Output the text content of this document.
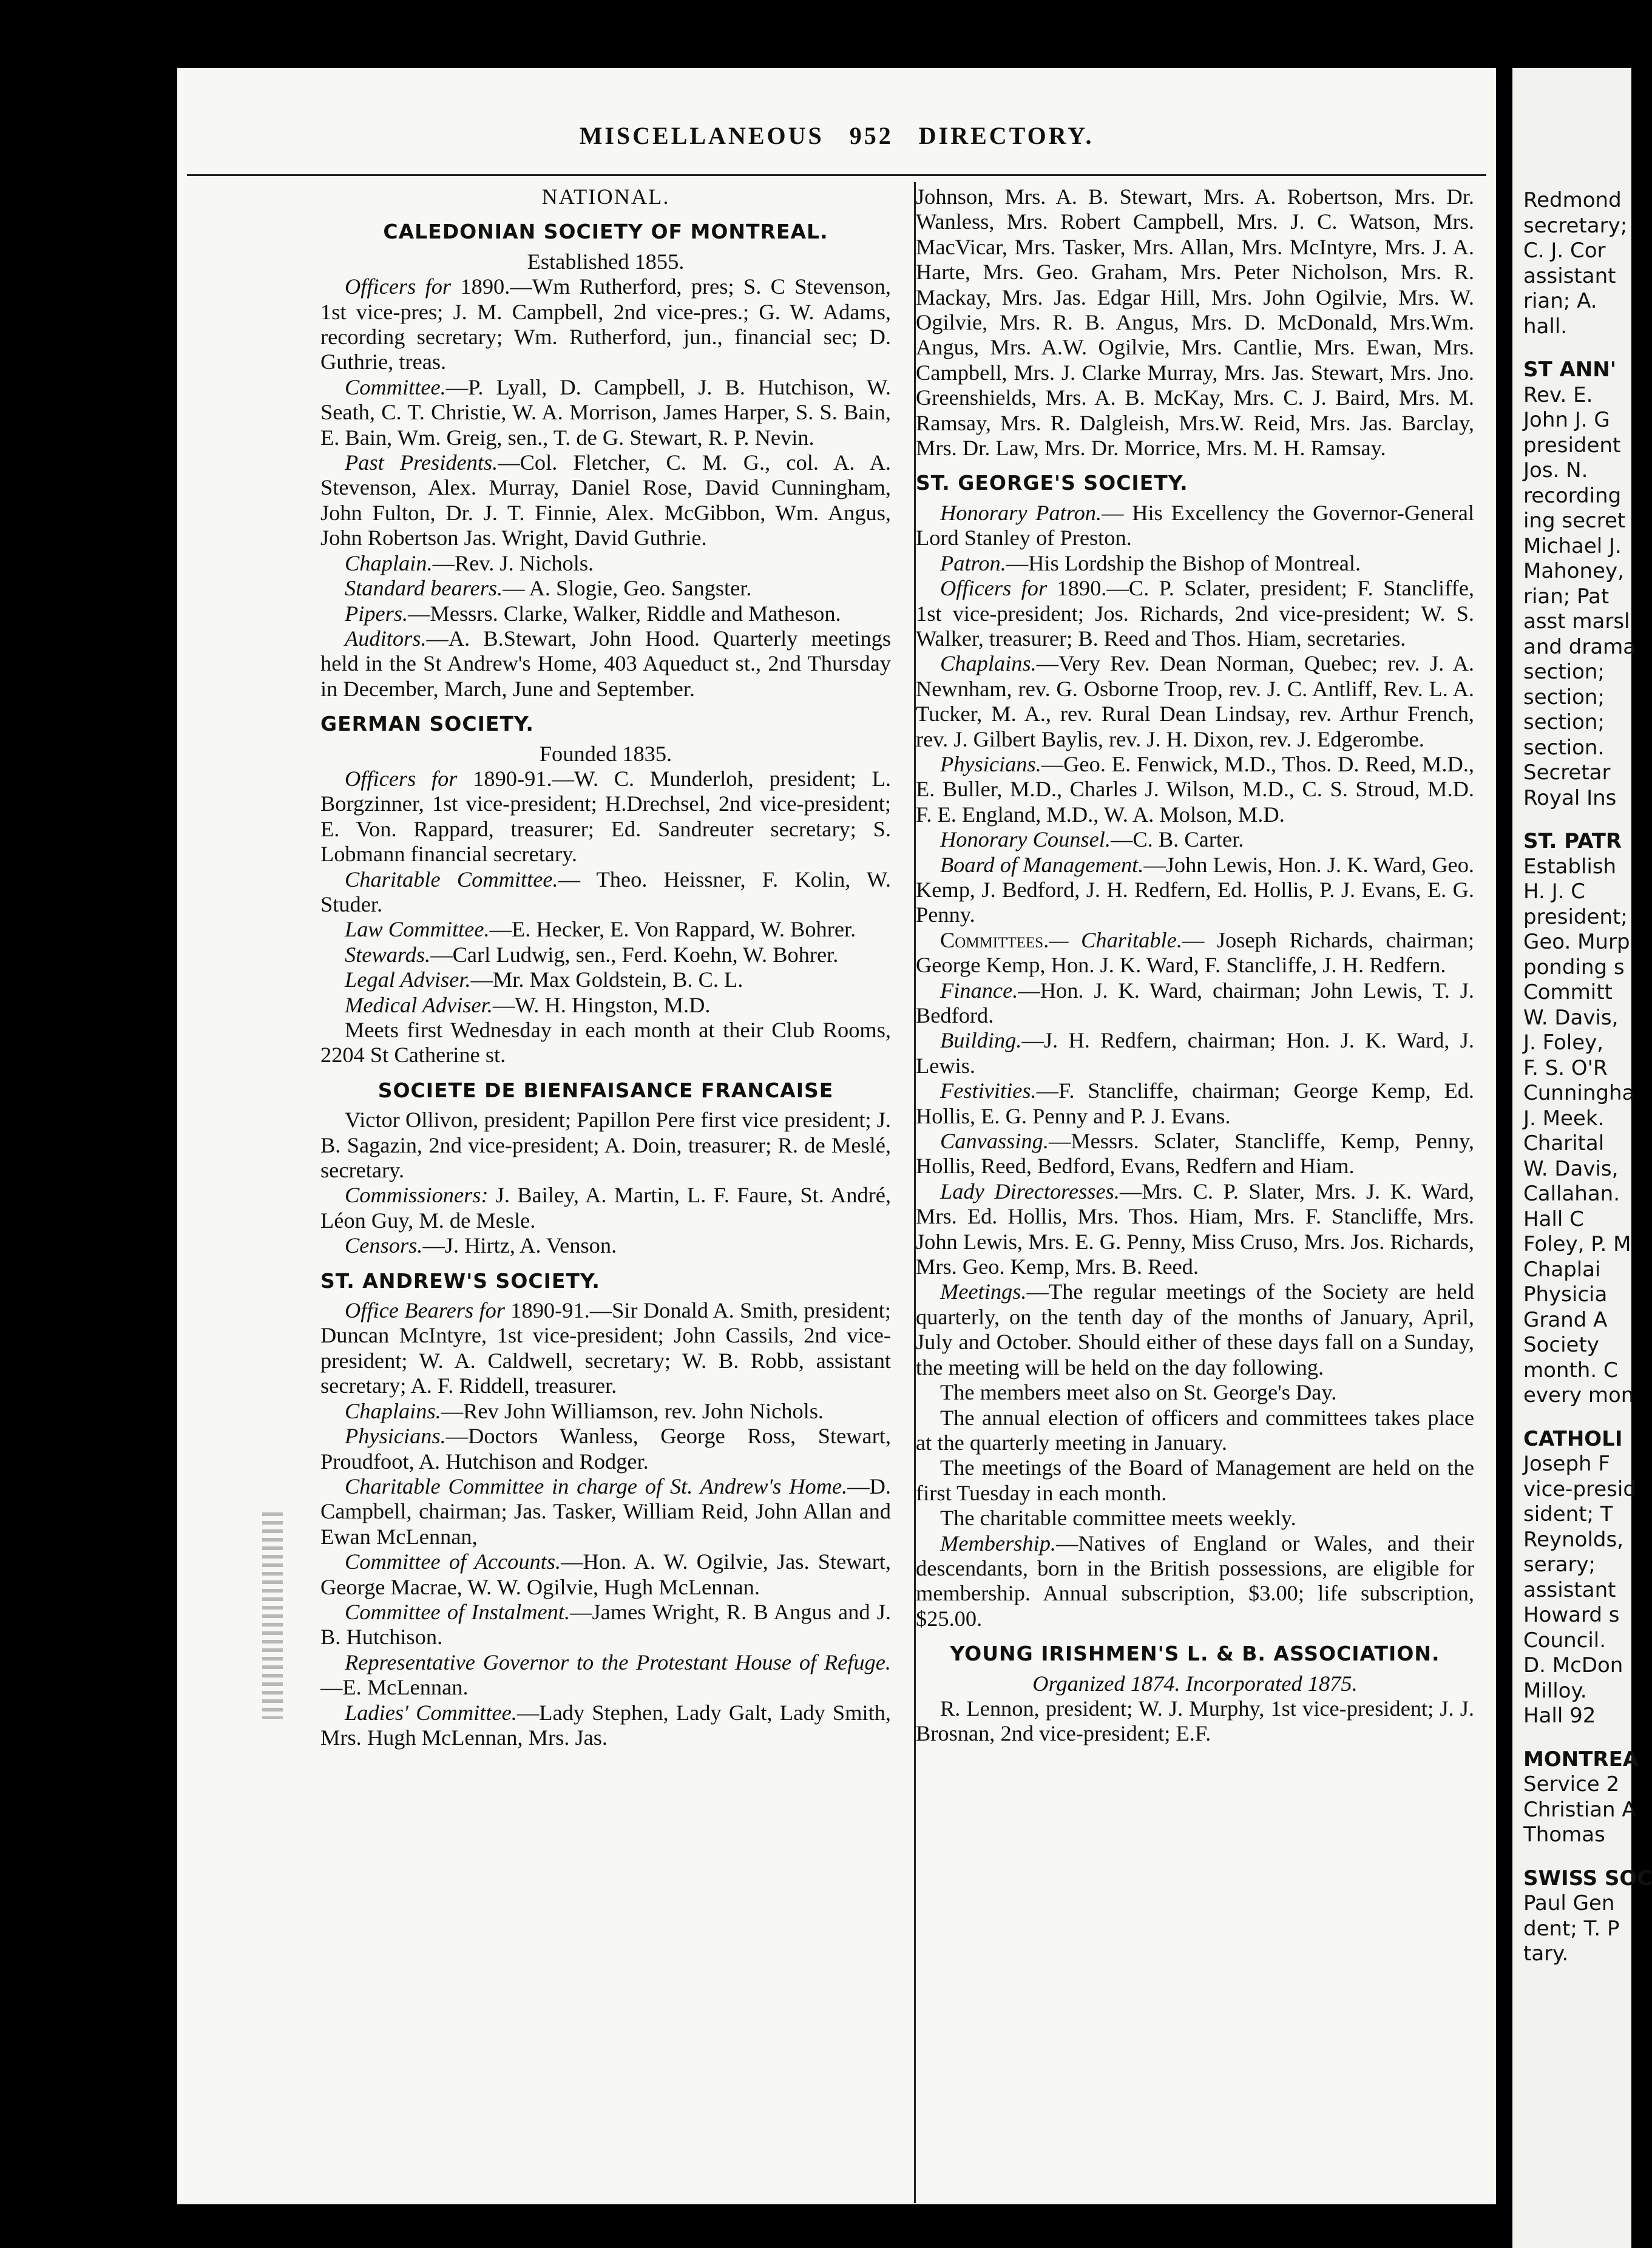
MISCELLANEOUS 952 DIRECTORY.

NATIONAL.

CALEDONIAN SOCIETY OF MONTREAL.

Established 1855.

Officers for 1890.—Wm Rutherford, pres; S. C Stevenson, 1st vice-pres; J. M. Campbell, 2nd vice-pres.; G. W. Adams, recording secretary; Wm. Rutherford, jun., financial sec; D. Guthrie, treas.

Committee.—P. Lyall, D. Campbell, J. B. Hutchison, W. Seath, C. T. Christie, W. A. Morrison, James Harper, S. S. Bain, E. Bain, Wm. Greig, sen., T. de G. Stewart, R. P. Nevin.

Past Presidents.—Col. Fletcher, C. M. G., col. A. A. Stevenson, Alex. Murray, Daniel Rose, David Cunningham, John Fulton, Dr. J. T. Finnie, Alex. McGibbon, Wm. Angus, John Robertson Jas. Wright, David Guthrie.

Chaplain.—Rev. J. Nichols.

Standard bearers.— A. Slogie, Geo. Sangster.

Pipers.—Messrs. Clarke, Walker, Riddle and Matheson.

Auditors.—A. B.Stewart, John Hood. Quarterly meetings held in the St Andrew's Home, 403 Aqueduct st., 2nd Thursday in December, March, June and September.

GERMAN SOCIETY.

Founded 1835.

Officers for 1890-91.—W. C. Munderloh, president; L. Borgzinner, 1st vice-president; H.Drechsel, 2nd vice-president; E. Von. Rappard, treasurer; Ed. Sandreuter secretary; S. Lobmann financial secretary.

Charitable Committee.— Theo. Heissner, F. Kolin, W. Studer.

Law Committee.—E. Hecker, E. Von Rappard, W. Bohrer.

Stewards.—Carl Ludwig, sen., Ferd. Koehn, W. Bohrer.

Legal Adviser.—Mr. Max Goldstein, B. C. L.

Medical Adviser.—W. H. Hingston, M.D.

Meets first Wednesday in each month at their Club Rooms, 2204 St Catherine st.

SOCIETE DE BIENFAISANCE FRANCAISE

Victor Ollivon, president; Papillon Pere first vice president; J. B. Sagazin, 2nd vice-president; A. Doin, treasurer; R. de Meslé, secretary.

Commissioners: J. Bailey, A. Martin, L. F. Faure, St. André, Léon Guy, M. de Mesle.

Censors.—J. Hirtz, A. Venson.

ST. ANDREW'S SOCIETY.

Office Bearers for 1890-91.—Sir Donald A. Smith, president; Duncan McIntyre, 1st vice-president; John Cassils, 2nd vice-president; W. A. Caldwell, secretary; W. B. Robb, assistant secretary; A. F. Riddell, treasurer.

Chaplains.—Rev John Williamson, rev. John Nichols.

Physicians.—Doctors Wanless, George Ross, Stewart, Proudfoot, A. Hutchison and Rodger.

Charitable Committee in charge of St. Andrew's Home.—D. Campbell, chairman; Jas. Tasker, William Reid, John Allan and Ewan McLennan,

Committee of Accounts.—Hon. A. W. Ogilvie, Jas. Stewart, George Macrae, W. W. Ogilvie, Hugh McLennan.

Committee of Instalment.—James Wright, R. B Angus and J. B. Hutchison.

Representative Governor to the Protestant House of Refuge.—E. McLennan.

Ladies' Committee.—Lady Stephen, Lady Galt, Lady Smith, Mrs. Hugh McLennan, Mrs. Jas.

Johnson, Mrs. A. B. Stewart, Mrs. A. Robertson, Mrs. Dr. Wanless, Mrs. Robert Campbell, Mrs. J. C. Watson, Mrs. MacVicar, Mrs. Tasker, Mrs. Allan, Mrs. McIntyre, Mrs. J. A. Harte, Mrs. Geo. Graham, Mrs. Peter Nicholson, Mrs. R. Mackay, Mrs. Jas. Edgar Hill, Mrs. John Ogilvie, Mrs. W. Ogilvie, Mrs. R. B. Angus, Mrs. D. McDonald, Mrs.Wm. Angus, Mrs. A.W. Ogilvie, Mrs. Cantlie, Mrs. Ewan, Mrs. Campbell, Mrs. J. Clarke Murray, Mrs. Jas. Stewart, Mrs. Jno. Greenshields, Mrs. A. B. McKay, Mrs. C. J. Baird, Mrs. M. Ramsay, Mrs. R. Dalgleish, Mrs.W. Reid, Mrs. Jas. Barclay, Mrs. Dr. Law, Mrs. Dr. Morrice, Mrs. M. H. Ramsay.

ST. GEORGE'S SOCIETY.

Honorary Patron.— His Excellency the Governor-General Lord Stanley of Preston.

Patron.—His Lordship the Bishop of Montreal.

Officers for 1890.—C. P. Sclater, president; F. Stancliffe, 1st vice-president; Jos. Richards, 2nd vice-president; W. S. Walker, treasurer; B. Reed and Thos. Hiam, secretaries.

Chaplains.—Very Rev. Dean Norman, Quebec; rev. J. A. Newnham, rev. G. Osborne Troop, rev. J. C. Antliff, Rev. L. A. Tucker, M. A., rev. Rural Dean Lindsay, rev. Arthur French, rev. J. Gilbert Baylis, rev. J. H. Dixon, rev. J. Edgerombe.

Physicians.—Geo. E. Fenwick, M.D., Thos. D. Reed, M.D., E. Buller, M.D., Charles J. Wilson, M.D., C. S. Stroud, M.D. F. E. England, M.D., W. A. Molson, M.D.

Honorary Counsel.—C. B. Carter.

Board of Management.—John Lewis, Hon. J. K. Ward, Geo. Kemp, J. Bedford, J. H. Redfern, Ed. Hollis, P. J. Evans, E. G. Penny.

Committees.— Charitable.— Joseph Richards, chairman; George Kemp, Hon. J. K. Ward, F. Stancliffe, J. H. Redfern.

Finance.—Hon. J. K. Ward, chairman; John Lewis, T. J. Bedford.

Building.—J. H. Redfern, chairman; Hon. J. K. Ward, J. Lewis.

Festivities.—F. Stancliffe, chairman; George Kemp, Ed. Hollis, E. G. Penny and P. J. Evans.

Canvassing.—Messrs. Sclater, Stancliffe, Kemp, Penny, Hollis, Reed, Bedford, Evans, Redfern and Hiam.

Lady Directoresses.—Mrs. C. P. Slater, Mrs. J. K. Ward, Mrs. Ed. Hollis, Mrs. Thos. Hiam, Mrs. F. Stancliffe, Mrs. John Lewis, Mrs. E. G. Penny, Miss Cruso, Mrs. Jos. Richards, Mrs. Geo. Kemp, Mrs. B. Reed.

Meetings.—The regular meetings of the Society are held quarterly, on the tenth day of the months of January, April, July and October. Should either of these days fall on a Sunday, the meeting will be held on the day following.

The members meet also on St. George's Day.

The annual election of officers and committees takes place at the quarterly meeting in January.

The meetings of the Board of Management are held on the first Tuesday in each month.

The charitable committee meets weekly.

Membership.—Natives of England or Wales, and their descendants, born in the British possessions, are eligible for membership. Annual subscription, $3.00; life subscription, $25.00.

YOUNG IRISHMEN'S L. & B. ASSOCIATION.

Organized 1874. Incorporated 1875.

R. Lennon, president; W. J. Murphy, 1st vice-president; J. J. Brosnan, 2nd vice-president; E.F.

Redmond
secretary;
C. J. Cor
assistant
rian; A.
hall.
ST ANN'
Rev. E.
John J. G
president
Jos. N.
recording
ing secret
Michael J.
Mahoney,
rian; Pat
asst marsl
and drama
section;
section;
section;
section.
Secretar
Royal Ins
ST. PATR
Establish
H. J. C
president;
Geo. Murp
ponding s
Committ
W. Davis,
J. Foley,
F. S. O'R
Cunningha
J. Meek.
Charital
W. Davis,
Callahan.
Hall C
Foley, P. M
Chaplai
Physicia
Grand A
Society
month. C
every mon
CATHOLI
Joseph F
vice-presid
sident; T
Reynolds,
serary;
assistant
Howard s
Council.
D. McDon
Milloy.
Hall 92
MONTREA
Service 2
Christian A
Thomas
SWISS SOC
Paul Gen
dent; T. P
tary.
